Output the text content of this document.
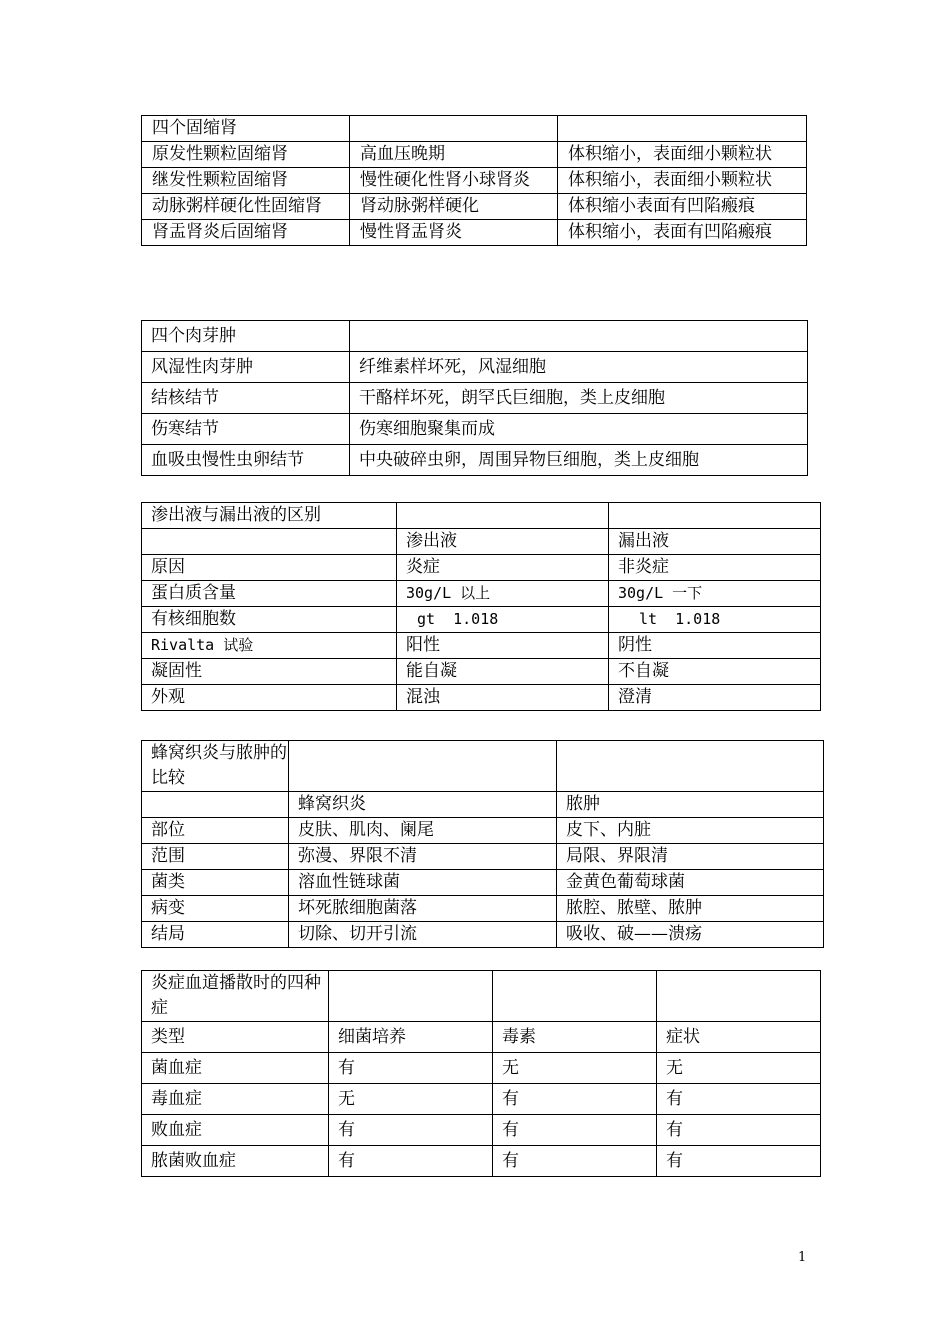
四个固缩肾		
原发性颗粒固缩肾	高血压晚期	体积缩小，表面细小颗粒状
继发性颗粒固缩肾	慢性硬化性肾小球肾炎	体积缩小，表面细小颗粒状
动脉粥样硬化性固缩肾	肾动脉粥样硬化	体积缩小表面有凹陷瘢痕
肾盂肾炎后固缩肾	慢性肾盂肾炎	体积缩小，表面有凹陷瘢痕
四个肉芽肿	
风湿性肉芽肿	纤维素样坏死，风湿细胞
结核结节	干酪样坏死，朗罕氏巨细胞，类上皮细胞
伤寒结节	伤寒细胞聚集而成
血吸虫慢性虫卵结节	中央破碎虫卵，周围异物巨细胞，类上皮细胞
渗出液与漏出液的区别		
	渗出液	漏出液
原因	炎症	非炎症
蛋白质含量	30g/L 以上	30g/L 一下
有核细胞数	gt  1.018	lt  1.018
Rivalta 试验	阳性	阴性
凝固性	能自凝	不自凝
外观	混浊	澄清
蜂窝织炎与脓肿的比较		
	蜂窝织炎	脓肿
部位	皮肤、肌肉、阑尾	皮下、内脏
范围	弥漫、界限不清	局限、界限清
菌类	溶血性链球菌	金黄色葡萄球菌
病变	坏死脓细胞菌落	脓腔、脓壁、脓肿
结局	切除、切开引流	吸收、破——溃疡
炎症血道播散时的四种症			
类型	细菌培养	毒素	症状
菌血症	有	无	无
毒血症	无	有	有
败血症	有	有	有
脓菌败血症	有	有	有
1
